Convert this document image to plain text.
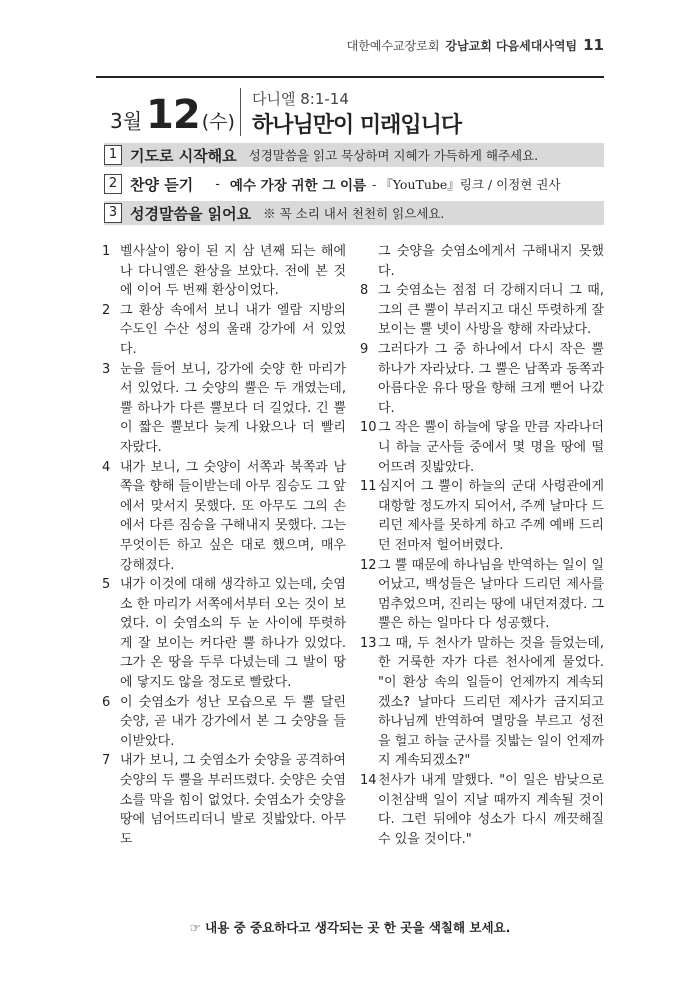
대한예수교장로회 강남교회 다음세대사역팀 11
3월 12 (수)
다니엘 8:1-14
하나님만이 미래입니다
1 기도로 시작해요 성경말씀을 읽고 묵상하며 지혜가 가득하게 해주세요.
2 찬양 듣기 - 예수 가장 귀한 그 이름 - 『YouTube』링크 / 이정현 권사
3 성경말씀을 읽어요 ※ 꼭 소리 내서 천천히 읽으세요.

1 벨사살이 왕이 된 지 삼 년째 되는 해에 나 다니엘은 환상을 보았다. 전에 본 것에 이어 두 번째 환상이었다.

2 그 환상 속에서 보니 내가 엘람 지방의 수도인 수산 성의 울래 강가에 서 있었다.

3 눈을 들어 보니, 강가에 숫양 한 마리가 서 있었다. 그 숫양의 뿔은 두 개였는데, 뿔 하나가 다른 뿔보다 더 길었다. 긴 뿔이 짧은 뿔보다 늦게 나왔으나 더 빨리 자랐다.

4 내가 보니, 그 숫양이 서쪽과 북쪽과 남쪽을 향해 들이받는데 아무 짐승도 그 앞에서 맞서지 못했다. 또 아무도 그의 손에서 다른 짐승을 구해내지 못했다. 그는 무엇이든 하고 싶은 대로 했으며, 매우 강해졌다.

5 내가 이것에 대해 생각하고 있는데, 숫염소 한 마리가 서쪽에서부터 오는 것이 보였다. 이 숫염소의 두 눈 사이에 뚜렷하게 잘 보이는 커다란 뿔 하나가 있었다. 그가 온 땅을 두루 다녔는데 그 발이 땅에 닿지도 않을 정도로 빨랐다.

6 이 숫염소가 성난 모습으로 두 뿔 달린 숫양, 곧 내가 강가에서 본 그 숫양을 들이받았다.

7 내가 보니, 그 숫염소가 숫양을 공격하여 숫양의 두 뿔을 부러뜨렸다. 숫양은 숫염소를 막을 힘이 없었다. 숫염소가 숫양을 땅에 넘어뜨리더니 발로 짓밟았다. 아무도

그 숫양을 숫염소에게서 구해내지 못했다.

8 그 숫염소는 점점 더 강해지더니 그 때, 그의 큰 뿔이 부러지고 대신 뚜렷하게 잘 보이는 뿔 넷이 사방을 향해 자라났다.

9 그러다가 그 중 하나에서 다시 작은 뿔 하나가 자라났다. 그 뿔은 남쪽과 동쪽과 아름다운 유다 땅을 향해 크게 뻗어 나갔다.

10 그 작은 뿔이 하늘에 닿을 만큼 자라나더니 하늘 군사들 중에서 몇 명을 땅에 떨어뜨려 짓밟았다.

11 심지어 그 뿔이 하늘의 군대 사령관에게 대항할 정도까지 되어서, 주께 날마다 드리던 제사를 못하게 하고 주께 예배 드리던 전마저 헐어버렸다.

12 그 뿔 때문에 하나님을 반역하는 일이 일어났고, 백성들은 날마다 드리던 제사를 멈추었으며, 진리는 땅에 내던져졌다. 그 뿔은 하는 일마다 다 성공했다.

13 그 때, 두 천사가 말하는 것을 들었는데, 한 거룩한 자가 다른 천사에게 물었다. "이 환상 속의 일들이 언제까지 계속되겠소? 날마다 드리던 제사가 금지되고 하나님께 반역하여 멸망을 부르고 성전을 헐고 하늘 군사를 짓밟는 일이 언제까지 계속되겠소?"

14 천사가 내게 말했다. "이 일은 밤낮으로 이천삼백 일이 지날 때까지 계속될 것이다. 그런 뒤에야 성소가 다시 깨끗해질 수 있을 것이다."

☞ 내용 중 중요하다고 생각되는 곳 한 곳을 색칠해 보세요.
